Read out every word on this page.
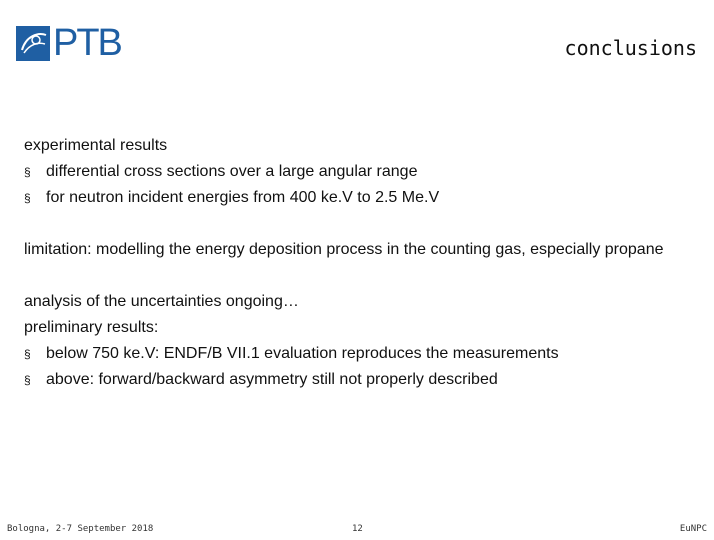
PTB	conclusions

experimental results

§ differential cross sections over a large angular range
§ for neutron incident energies from 400 ke.V to 2.5 Me.V

limitation: modelling the energy deposition process in the counting gas, especially propane

analysis of the uncertainties ongoing…

preliminary results:

§ below 750 ke.V: ENDF/B VII.1 evaluation reproduces the measurements
§ above: forward/backward asymmetry still not properly described
Bologna, 2-7 September 2018	12	EuNPC
